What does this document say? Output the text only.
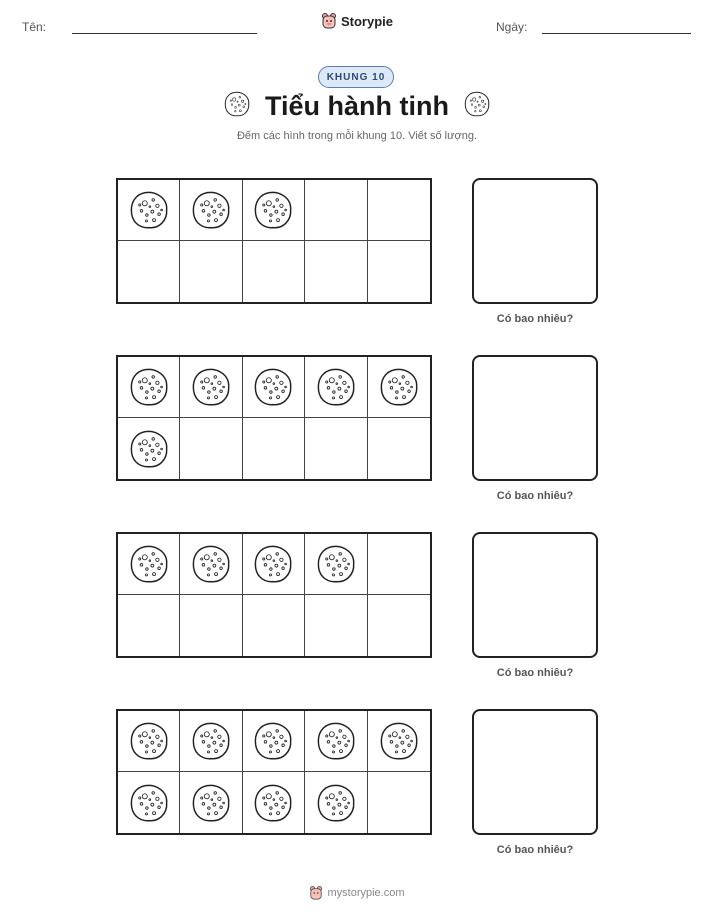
Tên:	Storypie	Ngày:
KHUNG 10
Tiểu hành tinh
Đếm các hình trong mỗi khung 10. Viết số lượng.
Có bao nhiêu?
Có bao nhiêu?
Có bao nhiêu?
Có bao nhiêu?
mystorypie.com
